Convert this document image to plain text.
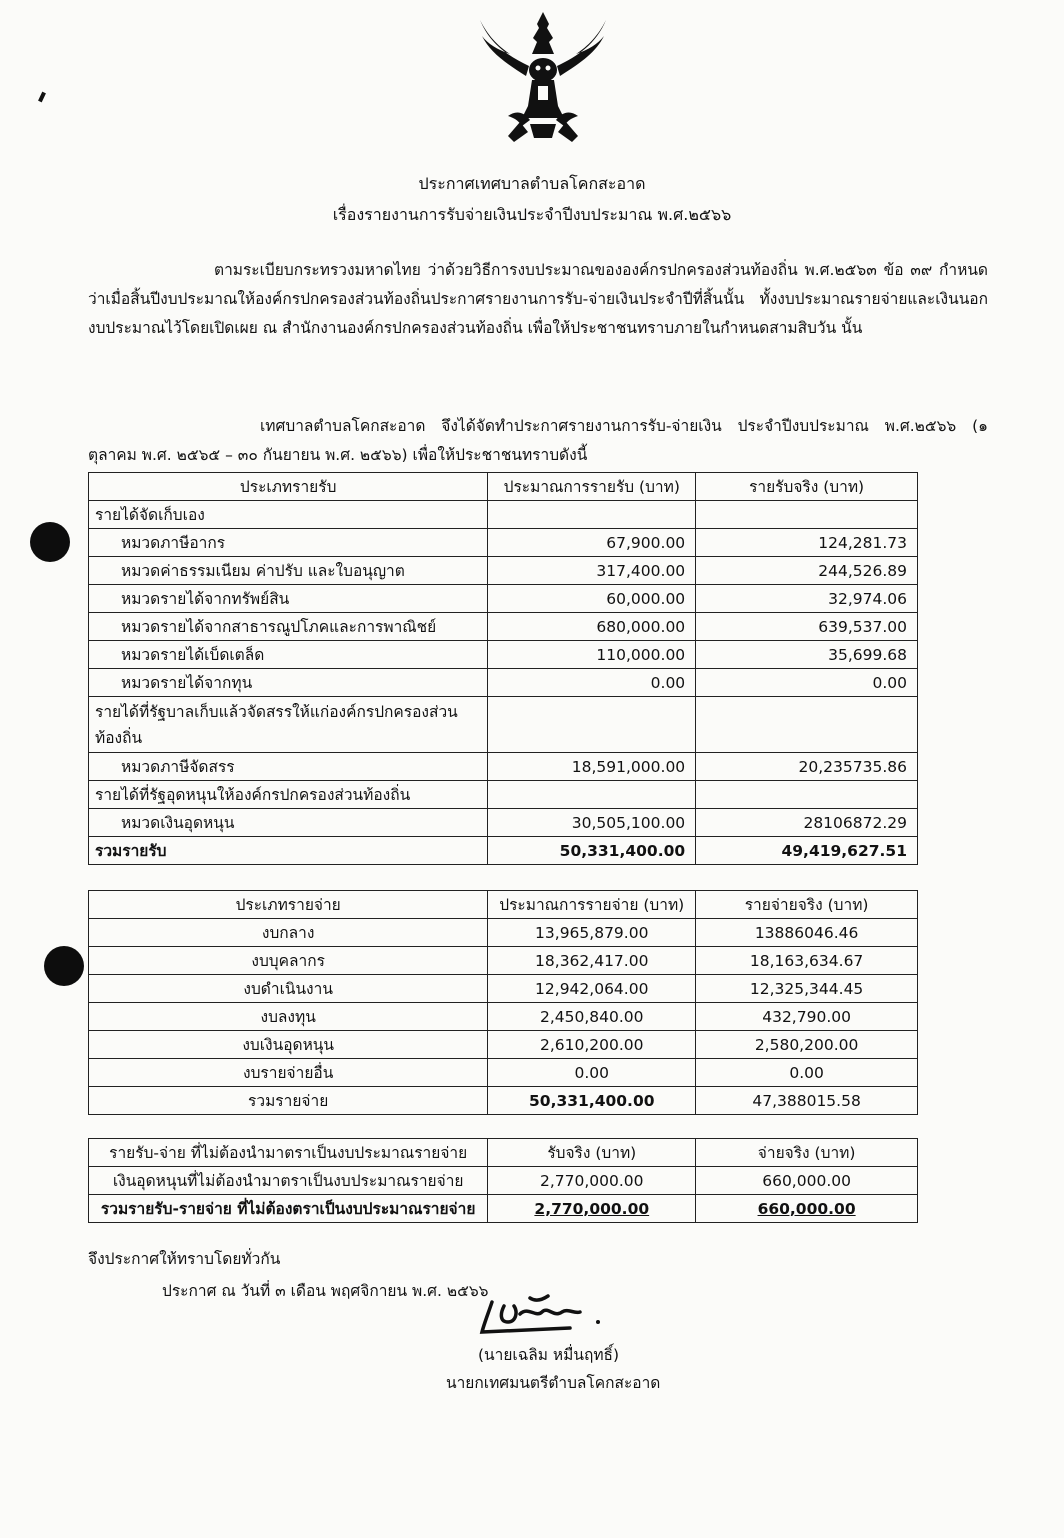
ประกาศเทศบาลตำบลโคกสะอาด
เรื่องรายงานการรับจ่ายเงินประจำปีงบประมาณ พ.ศ.๒๕๖๖
ตามระเบียบกระทรวงมหาดไทย ว่าด้วยวิธีการงบประมาณขององค์กรปกครองส่วนท้องถิ่น พ.ศ.๒๕๖๓ ข้อ ๓๙ กำหนดว่าเมื่อสิ้นปีงบประมาณให้องค์กรปกครองส่วนท้องถิ่นประกาศรายงานการรับ-จ่ายเงินประจำปีที่สิ้นนั้น ทั้งงบประมาณรายจ่ายและเงินนอกงบประมาณไว้โดยเปิดเผย ณ สำนักงานองค์กรปกครองส่วนท้องถิ่น เพื่อให้ประชาชนทราบภายในกำหนดสามสิบวัน นั้น
เทศบาลตำบลโคกสะอาด จึงได้จัดทำประกาศรายงานการรับ-จ่ายเงิน ประจำปีงบประมาณ พ.ศ.๒๕๖๖ (๑ ตุลาคม พ.ศ. ๒๕๖๕ – ๓๐ กันยายน พ.ศ. ๒๕๖๖) เพื่อให้ประชาชนทราบดังนี้
ประเภทรายรับ	ประมาณการรายรับ (บาท)	รายรับจริง (บาท)
รายได้จัดเก็บเอง		
หมวดภาษีอากร	67,900.00	124,281.73
หมวดค่าธรรมเนียม ค่าปรับ และใบอนุญาต	317,400.00	244,526.89
หมวดรายได้จากทรัพย์สิน	60,000.00	32,974.06
หมวดรายได้จากสาธารณูปโภคและการพาณิชย์	680,000.00	639,537.00
หมวดรายได้เบ็ดเตล็ด	110,000.00	35,699.68
หมวดรายได้จากทุน	0.00	0.00
รายได้ที่รัฐบาลเก็บแล้วจัดสรรให้แก่องค์กรปกครองส่วนท้องถิ่น		
หมวดภาษีจัดสรร	18,591,000.00	20,235735.86
รายได้ที่รัฐอุดหนุนให้องค์กรปกครองส่วนท้องถิ่น		
หมวดเงินอุดหนุน	30,505,100.00	28106872.29
รวมรายรับ	50,331,400.00	49,419,627.51
ประเภทรายจ่าย	ประมาณการรายจ่าย (บาท)	รายจ่ายจริง (บาท)
งบกลาง	13,965,879.00	13886046.46
งบบุคลากร	18,362,417.00	18,163,634.67
งบดำเนินงาน	12,942,064.00	12,325,344.45
งบลงทุน	2,450,840.00	432,790.00
งบเงินอุดหนุน	2,610,200.00	2,580,200.00
งบรายจ่ายอื่น	0.00	0.00
รวมรายจ่าย	50,331,400.00	47,388015.58
รายรับ-จ่าย ที่ไม่ต้องนำมาตราเป็นงบประมาณรายจ่าย	รับจริง (บาท)	จ่ายจริง (บาท)
เงินอุดหนุนที่ไม่ต้องนำมาตราเป็นงบประมาณรายจ่าย	2,770,000.00	660,000.00
รวมรายรับ-รายจ่าย ที่ไม่ต้องตราเป็นงบประมาณรายจ่าย	2,770,000.00	660,000.00
จึงประกาศให้ทราบโดยทั่วกัน
ประกาศ ณ วันที่ ๓ เดือน พฤศจิกายน พ.ศ. ๒๕๖๖
(นายเฉลิม หมื่นฤทธิ์)
นายกเทศมนตรีตำบลโคกสะอาด
